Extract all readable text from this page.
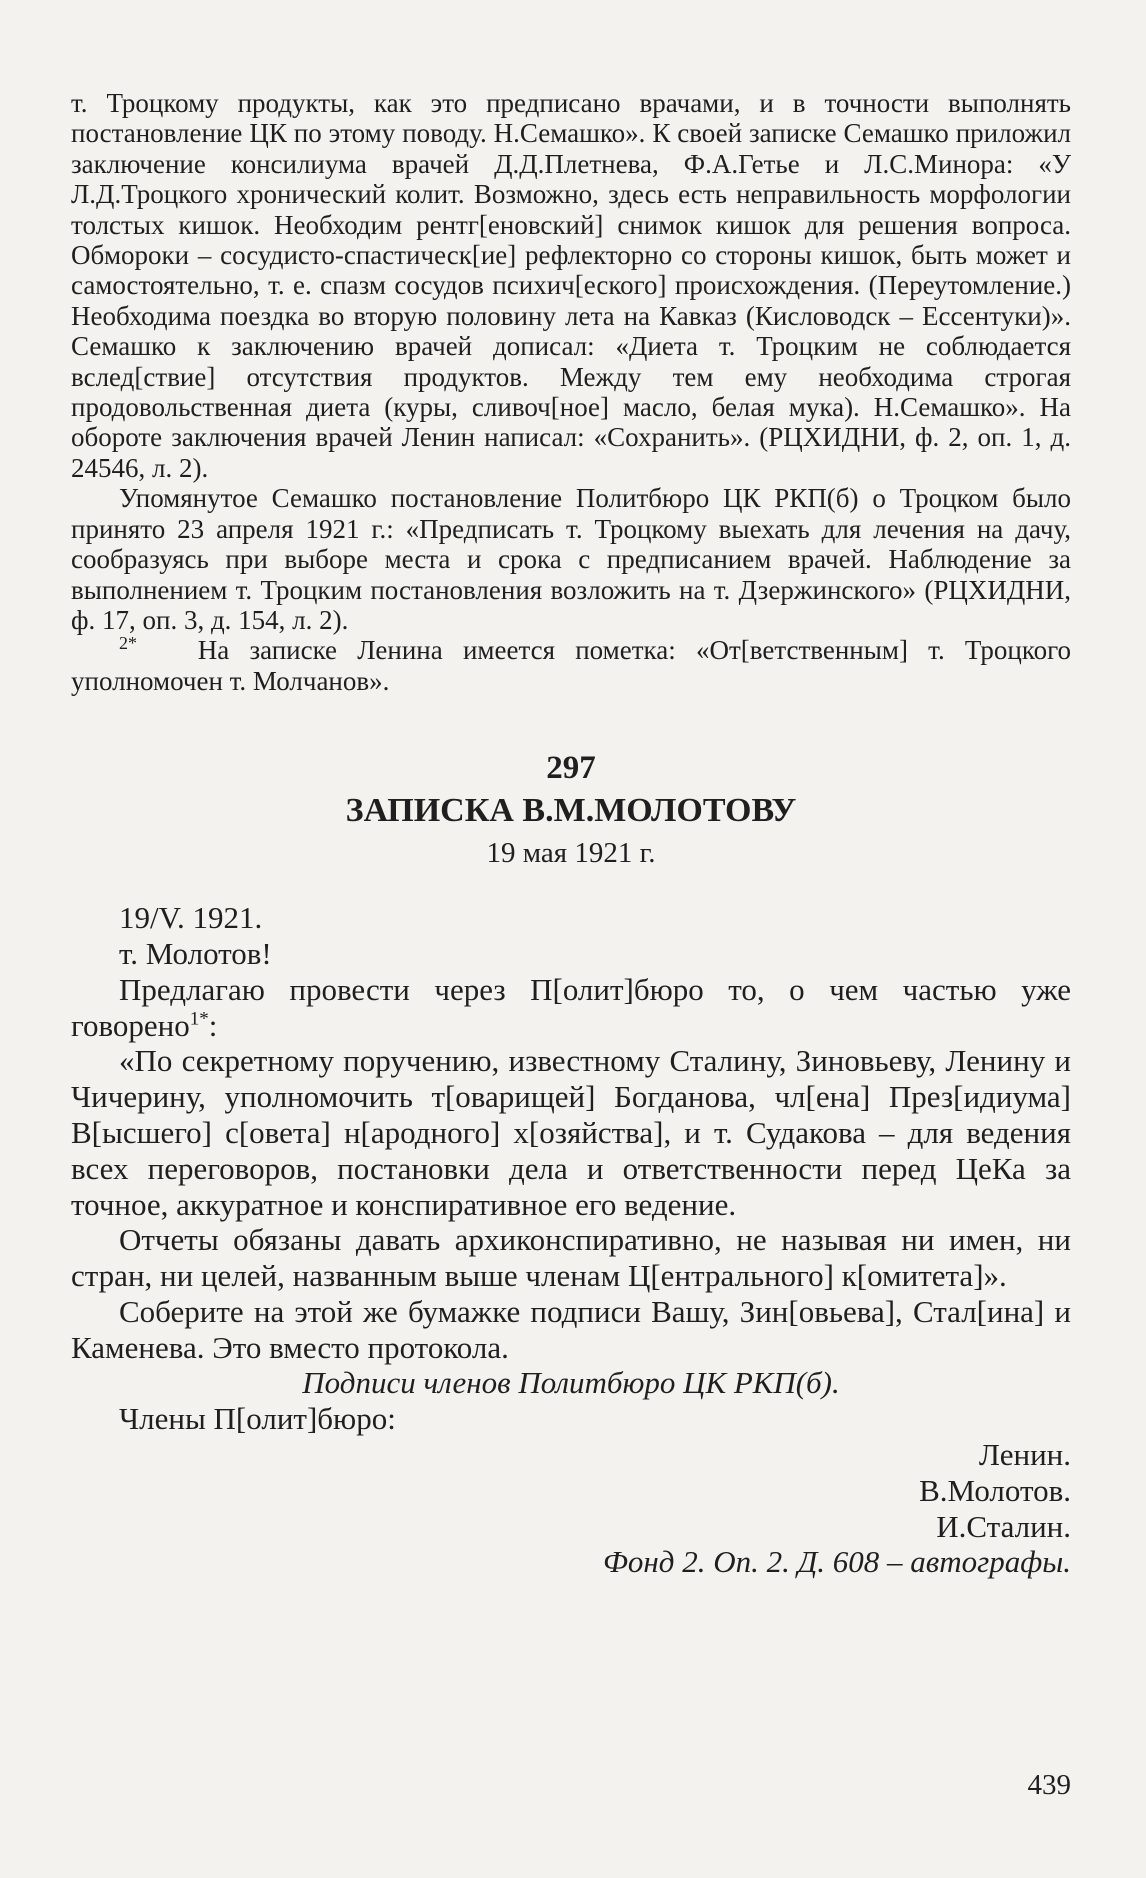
т. Троцкому продукты, как это предписано врачами, и в точности выполнять постановление ЦК по этому поводу. Н.Семашко». К своей записке Семашко приложил заключение консилиума врачей Д.Д.Плетнева, Ф.А.Гетье и Л.С.Минора: «У Л.Д.Троцкого хронический колит. Возможно, здесь есть неправильность морфологии толстых кишок. Необходим рентг[еновский] снимок кишок для решения вопроса. Обмороки – сосудисто-спастическ[ие] рефлекторно со стороны кишок, быть может и самостоятельно, т. е. спазм сосудов психич[еского] происхождения. (Переутомление.) Необходима поездка во вторую половину лета на Кавказ (Кисловодск – Ессентуки)». Семашко к заключению врачей дописал: «Диета т. Троцким не соблюдается вслед[ствие] отсутствия продуктов. Между тем ему необходима строгая продовольственная диета (куры, сливоч[ное] масло, белая мука). Н.Семашко». На обороте заключения врачей Ленин написал: «Сохранить». (РЦХИДНИ, ф. 2, оп. 1, д. 24546, л. 2).

Упомянутое Семашко постановление Политбюро ЦК РКП(б) о Троцком было принято 23 апреля 1921 г.: «Предписать т. Троцкому выехать для лечения на дачу, сообразуясь при выборе места и срока с предписанием врачей. Наблюдение за выполнением т. Троцким постановления возложить на т. Дзержинского» (РЦХИДНИ, ф. 17, оп. 3, д. 154, л. 2).

$^{2*}$ На записке Ленина имеется пометка: «От[ветственным] т. Троцкого уполномочен т. Молчанов».

297
ЗАПИСКА В.М.МОЛОТОВУ
19 мая 1921 г.

19/V. 1921.

т. Молотов!

Предлагаю провести через П[олит]бюро то, о чем частью уже говорено$^{1*}$:

«По секретному поручению, известному Сталину, Зиновьеву, Ленину и Чичерину, уполномочить т[оварищей] Богданова, чл[ена] През[идиума] В[ысшего] с[овета] н[ародного] х[озяйства], и т. Судакова – для ведения всех переговоров, постановки дела и ответственности перед ЦеКа за точное, аккуратное и конспиративное его ведение.

Отчеты обязаны давать архиконспиративно, не называя ни имен, ни стран, ни целей, названным выше членам Ц[ентрального] к[омитета]».

Соберите на этой же бумажке подписи Вашу, Зин[овьева], Стал[ина] и Каменева. Это вместо протокола.

Подписи членов Политбюро ЦК РКП(б).

Члены П[олит]бюро:

Ленин.

В.Молотов.

И.Сталин.

Фонд 2. Оп. 2. Д. 608 – автографы.

439
